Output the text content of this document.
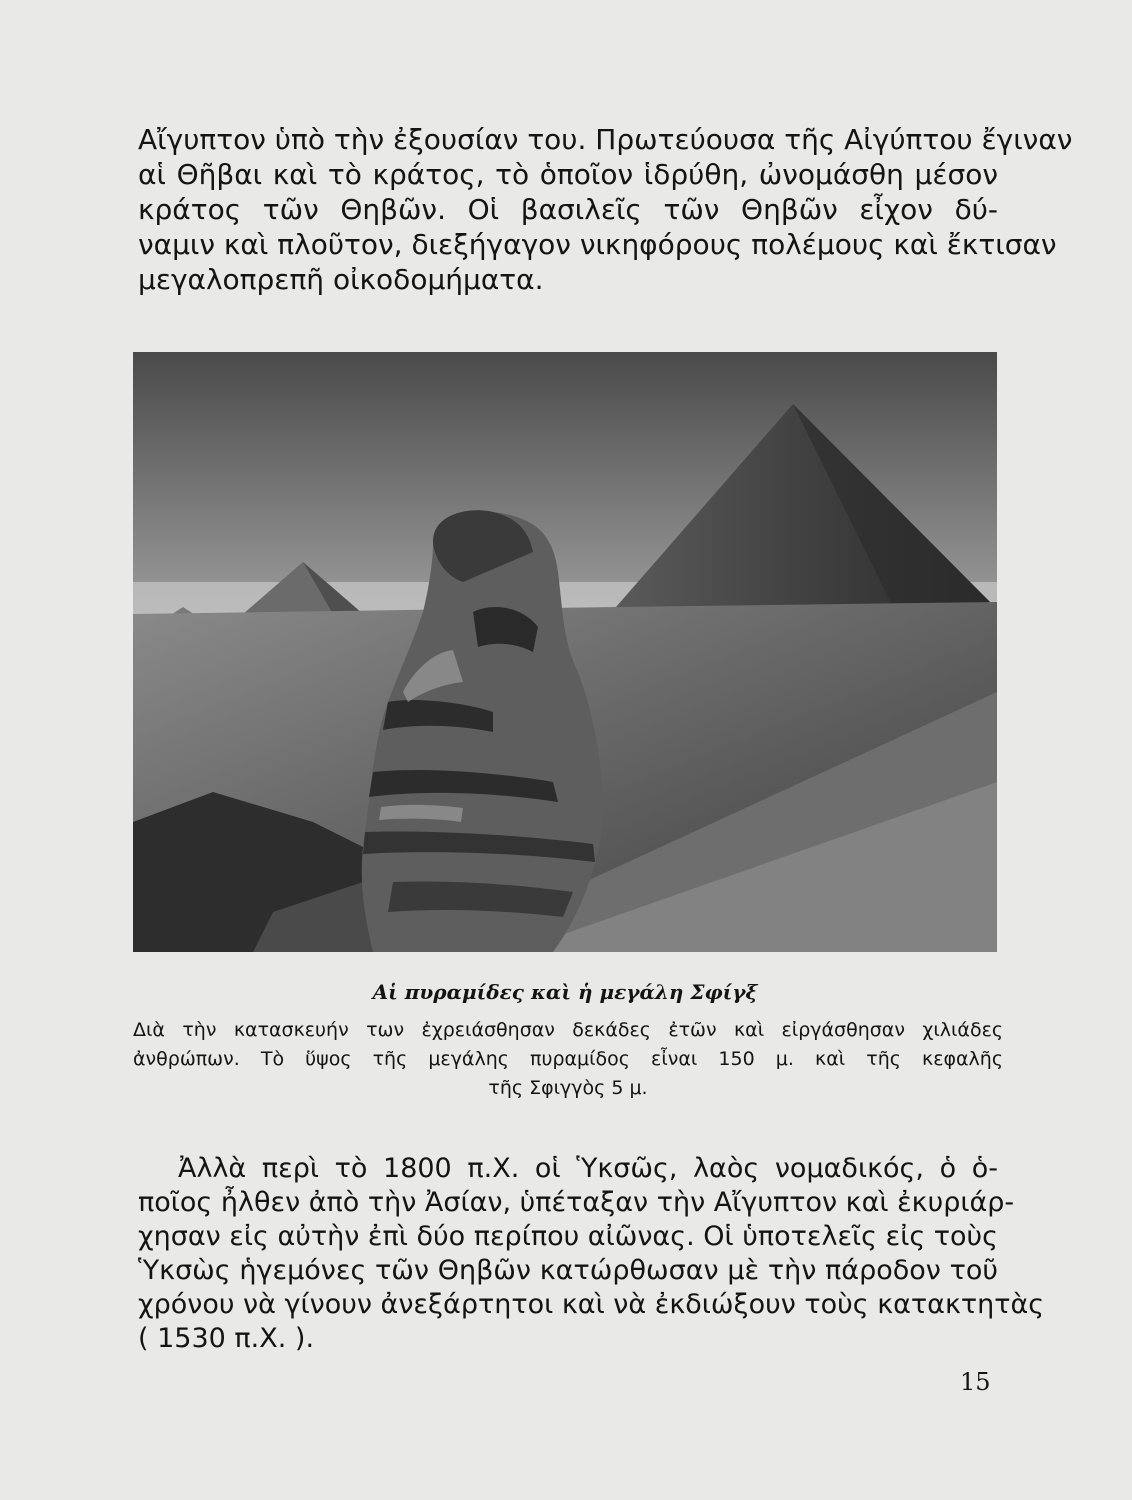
Αἴγυπτον ὑπὸ τὴν ἐξουσίαν του. Πρωτεύουσα τῆς Αἰγύπτου ἔγιναν
αἱ Θῆβαι καὶ τὸ κράτος, τὸ ὁποῖον ἱδρύθη, ὠνομάσθη μέσον
κράτος τῶν Θηβῶν. Οἱ βασιλεῖς τῶν Θηβῶν εἶχον δύ-
ναμιν καὶ πλοῦτον, διεξήγαγον νικηφόρους πολέμους καὶ ἔκτισαν
μεγαλοπρεπῆ οἰκοδομήματα.

Αἱ πυραμίδες καὶ ἡ μεγάλη Σφίγξ

Διὰ τὴν κατασκευήν των ἐχρειάσθησαν δεκάδες ἐτῶν καὶ εἰργάσθησαν χιλιάδες
ἀνθρώπων. Τὸ ὕψος τῆς μεγάλης πυραμίδος εἶναι 150 μ. καὶ τῆς κεφαλῆς
τῆς Σφιγγὸς 5 μ.
Ἀλλὰ περὶ τὸ 1800 π.Χ. οἱ Ὑκσῶς, λαὸς νομαδικός, ὁ ὁ-
ποῖος ἦλθεν ἀπὸ τὴν Ἀσίαν, ὑπέταξαν τὴν Αἴγυπτον καὶ ἐκυριάρ-
χησαν εἰς αὐτὴν ἐπὶ δύο περίπου αἰῶνας. Οἱ ὑποτελεῖς εἰς τοὺς
Ὑκσὼς ἡγεμόνες τῶν Θηβῶν κατώρθωσαν μὲ τὴν πάροδον τοῦ
χρόνου νὰ γίνουν ἀνεξάρτητοι καὶ νὰ ἐκδιώξουν τοὺς κατακτητὰς
( 1530 π.Χ. ).
15
